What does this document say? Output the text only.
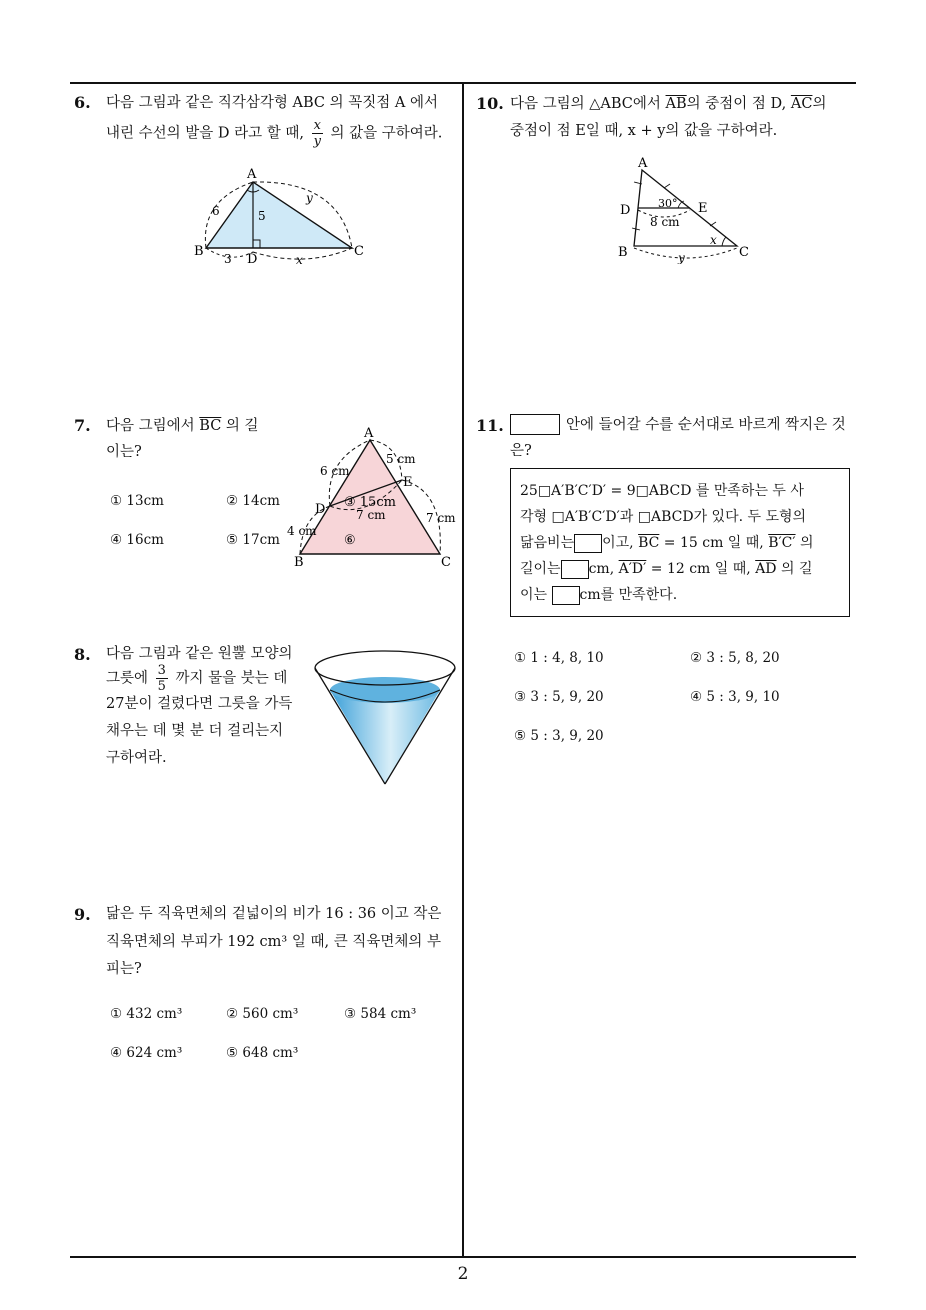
6. 다음 그림과 같은 직각삼각형 ABC 의 꼭짓점 A 에서
내린 수선의 발을 D 라고 할 때, $\frac{x}{y}$ 의 값을 구하여라.
A
B	C
D
6	5
3	x
y
7. 다음 그림에서 $\overline{BC}$ 의 길
이는?
① 13cm	② 14cm
④ 16cm	⑤ 17cm
A
B	C
D
E
6 cm
5 cm
7 cm	7 cm
4 cm
③ 15cm
⑥
8. 다음 그림과 같은 원뿔 모양의
그릇에 $\frac{3}{5}$ 까지 물을 붓는 데
27분이 걸렸다면 그릇을 가득
채우는 데 몇 분 더 걸리는지
구하여라.
9. 닮은 두 직육면체의 겉넓이의 비가 16 : 36 이고 작은
직육면체의 부피가 192 cm³ 일 때, 큰 직육면체의 부
피는?
① 432 cm³	② 560 cm³	③ 584 cm³
④ 624 cm³	⑤ 648 cm³
10. 다음 그림의 △ABC에서 $\overline{AB}$의 중점이 점 D, $\overline{AC}$의
중점이 점 E일 때, x + y의 값을 구하여라.
A
B	C
D	E
30°
8 cm
x
y
11.	안에 들어갈 수를 순서대로 바르게 짝지은 것
은?
25□A′B′C′D′ = 9□ABCD 를 만족하는 두 사
각형 □A′B′C′D′과 □ABCD가 있다. 두 도형의
닮음비는 이고, $\overline{BC} = 15$ cm 일 때, B′C′ 의
길이는 cm, A′D′ = 12 cm 일 때, $\overline{AD}$ 의 길
이는 cm를 만족한다.
① 1 : 4, 8, 10	② 3 : 5, 8, 20
③ 3 : 5, 9, 20	④ 5 : 3, 9, 10
⑤ 5 : 3, 9, 20
2
